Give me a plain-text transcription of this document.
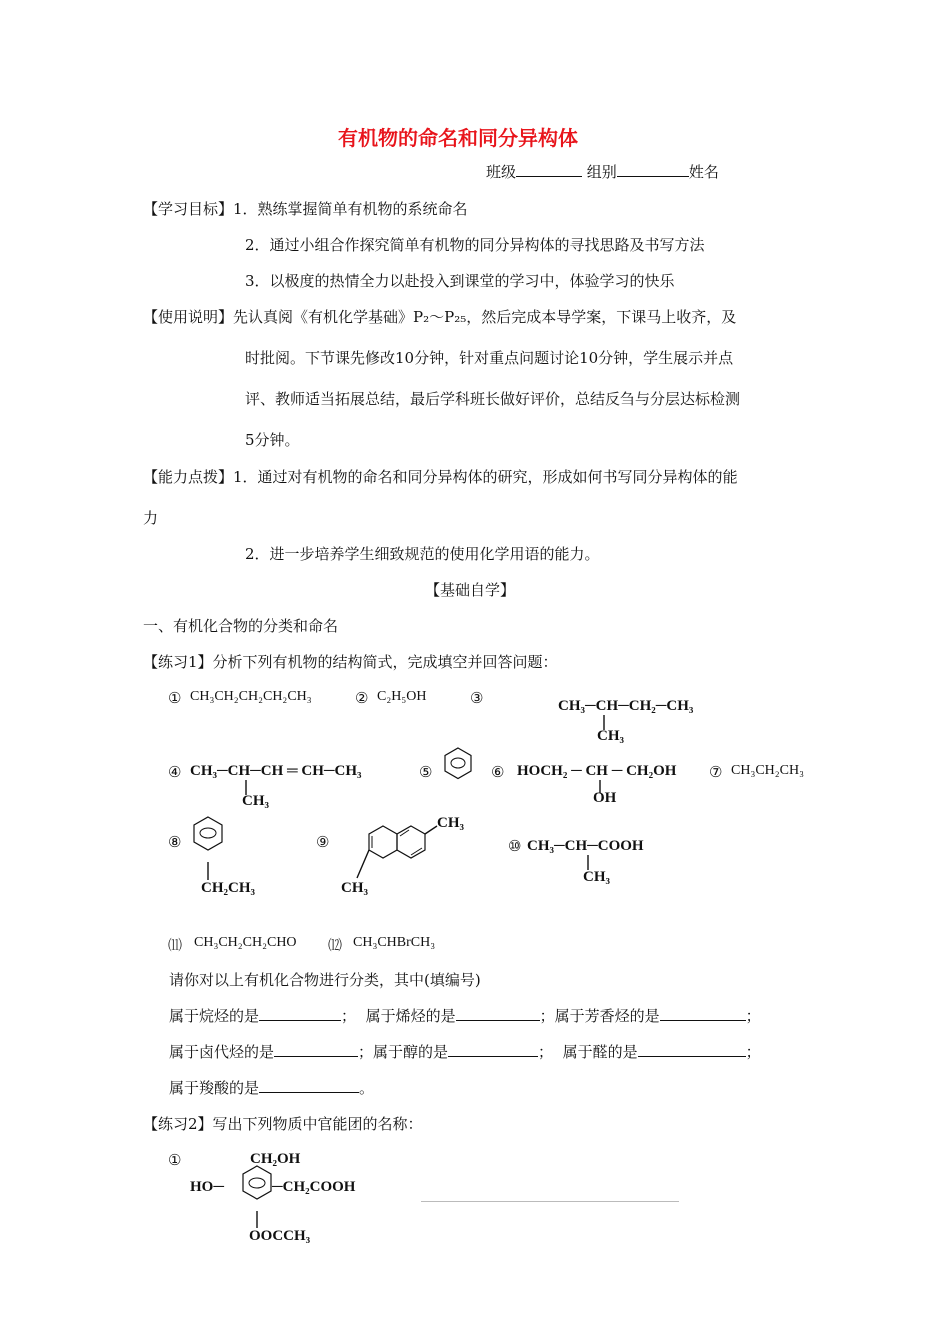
有机物的命名和同分异构体
班级	组别	姓名
【学习目标】1．熟练掌握简单有机物的系统命名
2．通过小组合作探究简单有机物的同分异构体的寻找思路及书写方法
3．以极度的热情全力以赴投入到课堂的学习中，体验学习的快乐
【使用说明】先认真阅《有机化学基础》P₂～P₂₅，然后完成本导学案，下课马上收齐，及
时批阅。下节课先修改10分钟，针对重点问题讨论10分钟，学生展示并点
评、教师适当拓展总结，最后学科班长做好评价，总结反刍与分层达标检测
5分钟。
【能力点拨】1．通过对有机物的命名和同分异构体的研究，形成如何书写同分异构体的能
力
2．进一步培养学生细致规范的使用化学用语的能力。
【基础自学】
一、有机化合物的分类和命名
【练习1】分析下列有机物的结构简式，完成填空并回答问题：
① CH₃CH₂CH₂CH₂CH₃	② C₂H₅OH	③	CH₃─CH─CH₂─CH₃
CH₃
④ CH₃─CH─CH ═ CH─CH₃
CH₃
⑤	⑥ HOCH₂ ─ CH ─ CH₂OH
OH
⑦ CH₃CH₂CH₃
⑧
CH₂CH₃
⑨
CH₃
CH₃
⑩ CH₃─CH─COOH
CH₃
⑾ CH₃CH₂CH₂CHO ⑿ CH₃CHBrCH₃
请你对以上有机化合物进行分类，其中(填编号)
属于烷烃的是	； 属于烯烃的是	；属于芳香烃的是	；
属于卤代烃的是	；属于醇的是	； 属于醛的是	；
属于羧酸的是	。
【练习2】写出下列物质中官能团的名称：
①	CH₂OH
HO─	─CH₂COOH
OOCCH₃
